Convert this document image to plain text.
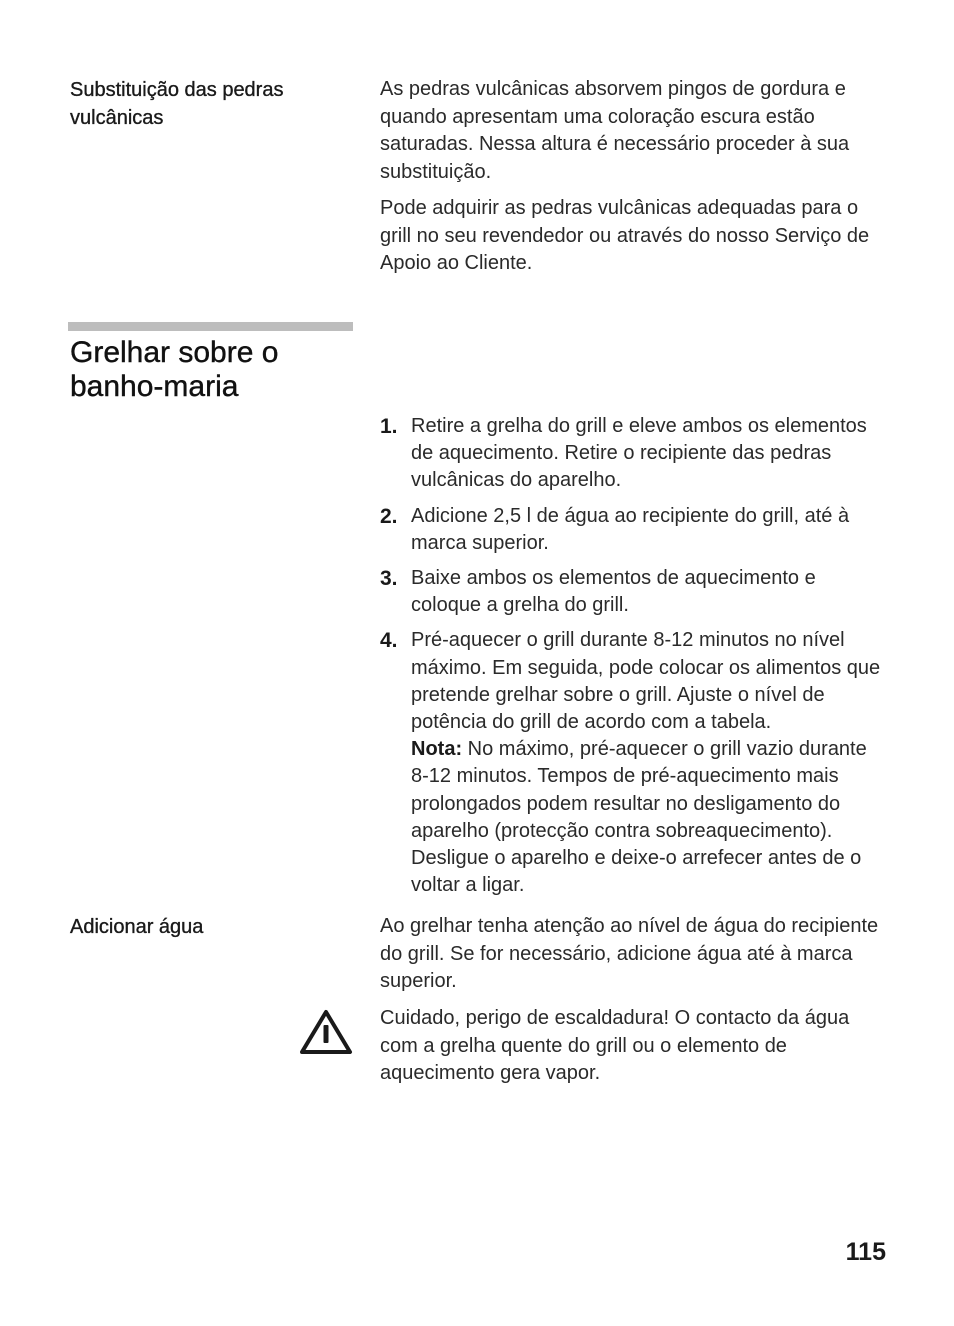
Substituição das pedras vulcânicas

As pedras vulcânicas absorvem pingos de gordura e quando apresentam uma coloração escura estão saturadas. Nessa altura é necessário proceder à sua substituição.

Pode adquirir as pedras vulcânicas adequadas para o grill no seu revendedor ou através do nosso Serviço de Apoio ao Cliente.

Grelhar sobre o banho-maria
1. Retire a grelha do grill e eleve ambos os elementos de aquecimento. Retire o recipiente das pedras vulcânicas do aparelho.
2. Adicione 2,5 l de água ao recipiente do grill, até à marca superior.
3. Baixe ambos os elementos de aquecimento e coloque a grelha do grill.
4. Pré-aquecer o grill durante 8-12 minutos no nível máximo. Em seguida, pode colocar os alimentos que pretende grelhar sobre o grill. Ajuste o nível de potência do grill de acordo com a tabela.
Nota: No máximo, pré-aquecer o grill vazio durante 8-12 minutos. Tempos de pré-aquecimento mais prolongados podem resultar no desligamento do aparelho (protecção contra sobreaquecimento). Desligue o aparelho e deixe-o arrefecer antes de o voltar a ligar.
Adicionar água	Ao grelhar tenha atenção ao nível de água do recipiente do grill. Se for necessário, adicione água até à marca superior.

Cuidado, perigo de escaldadura! O contacto da água com a grelha quente do grill ou o elemento de aquecimento gera vapor.

115
